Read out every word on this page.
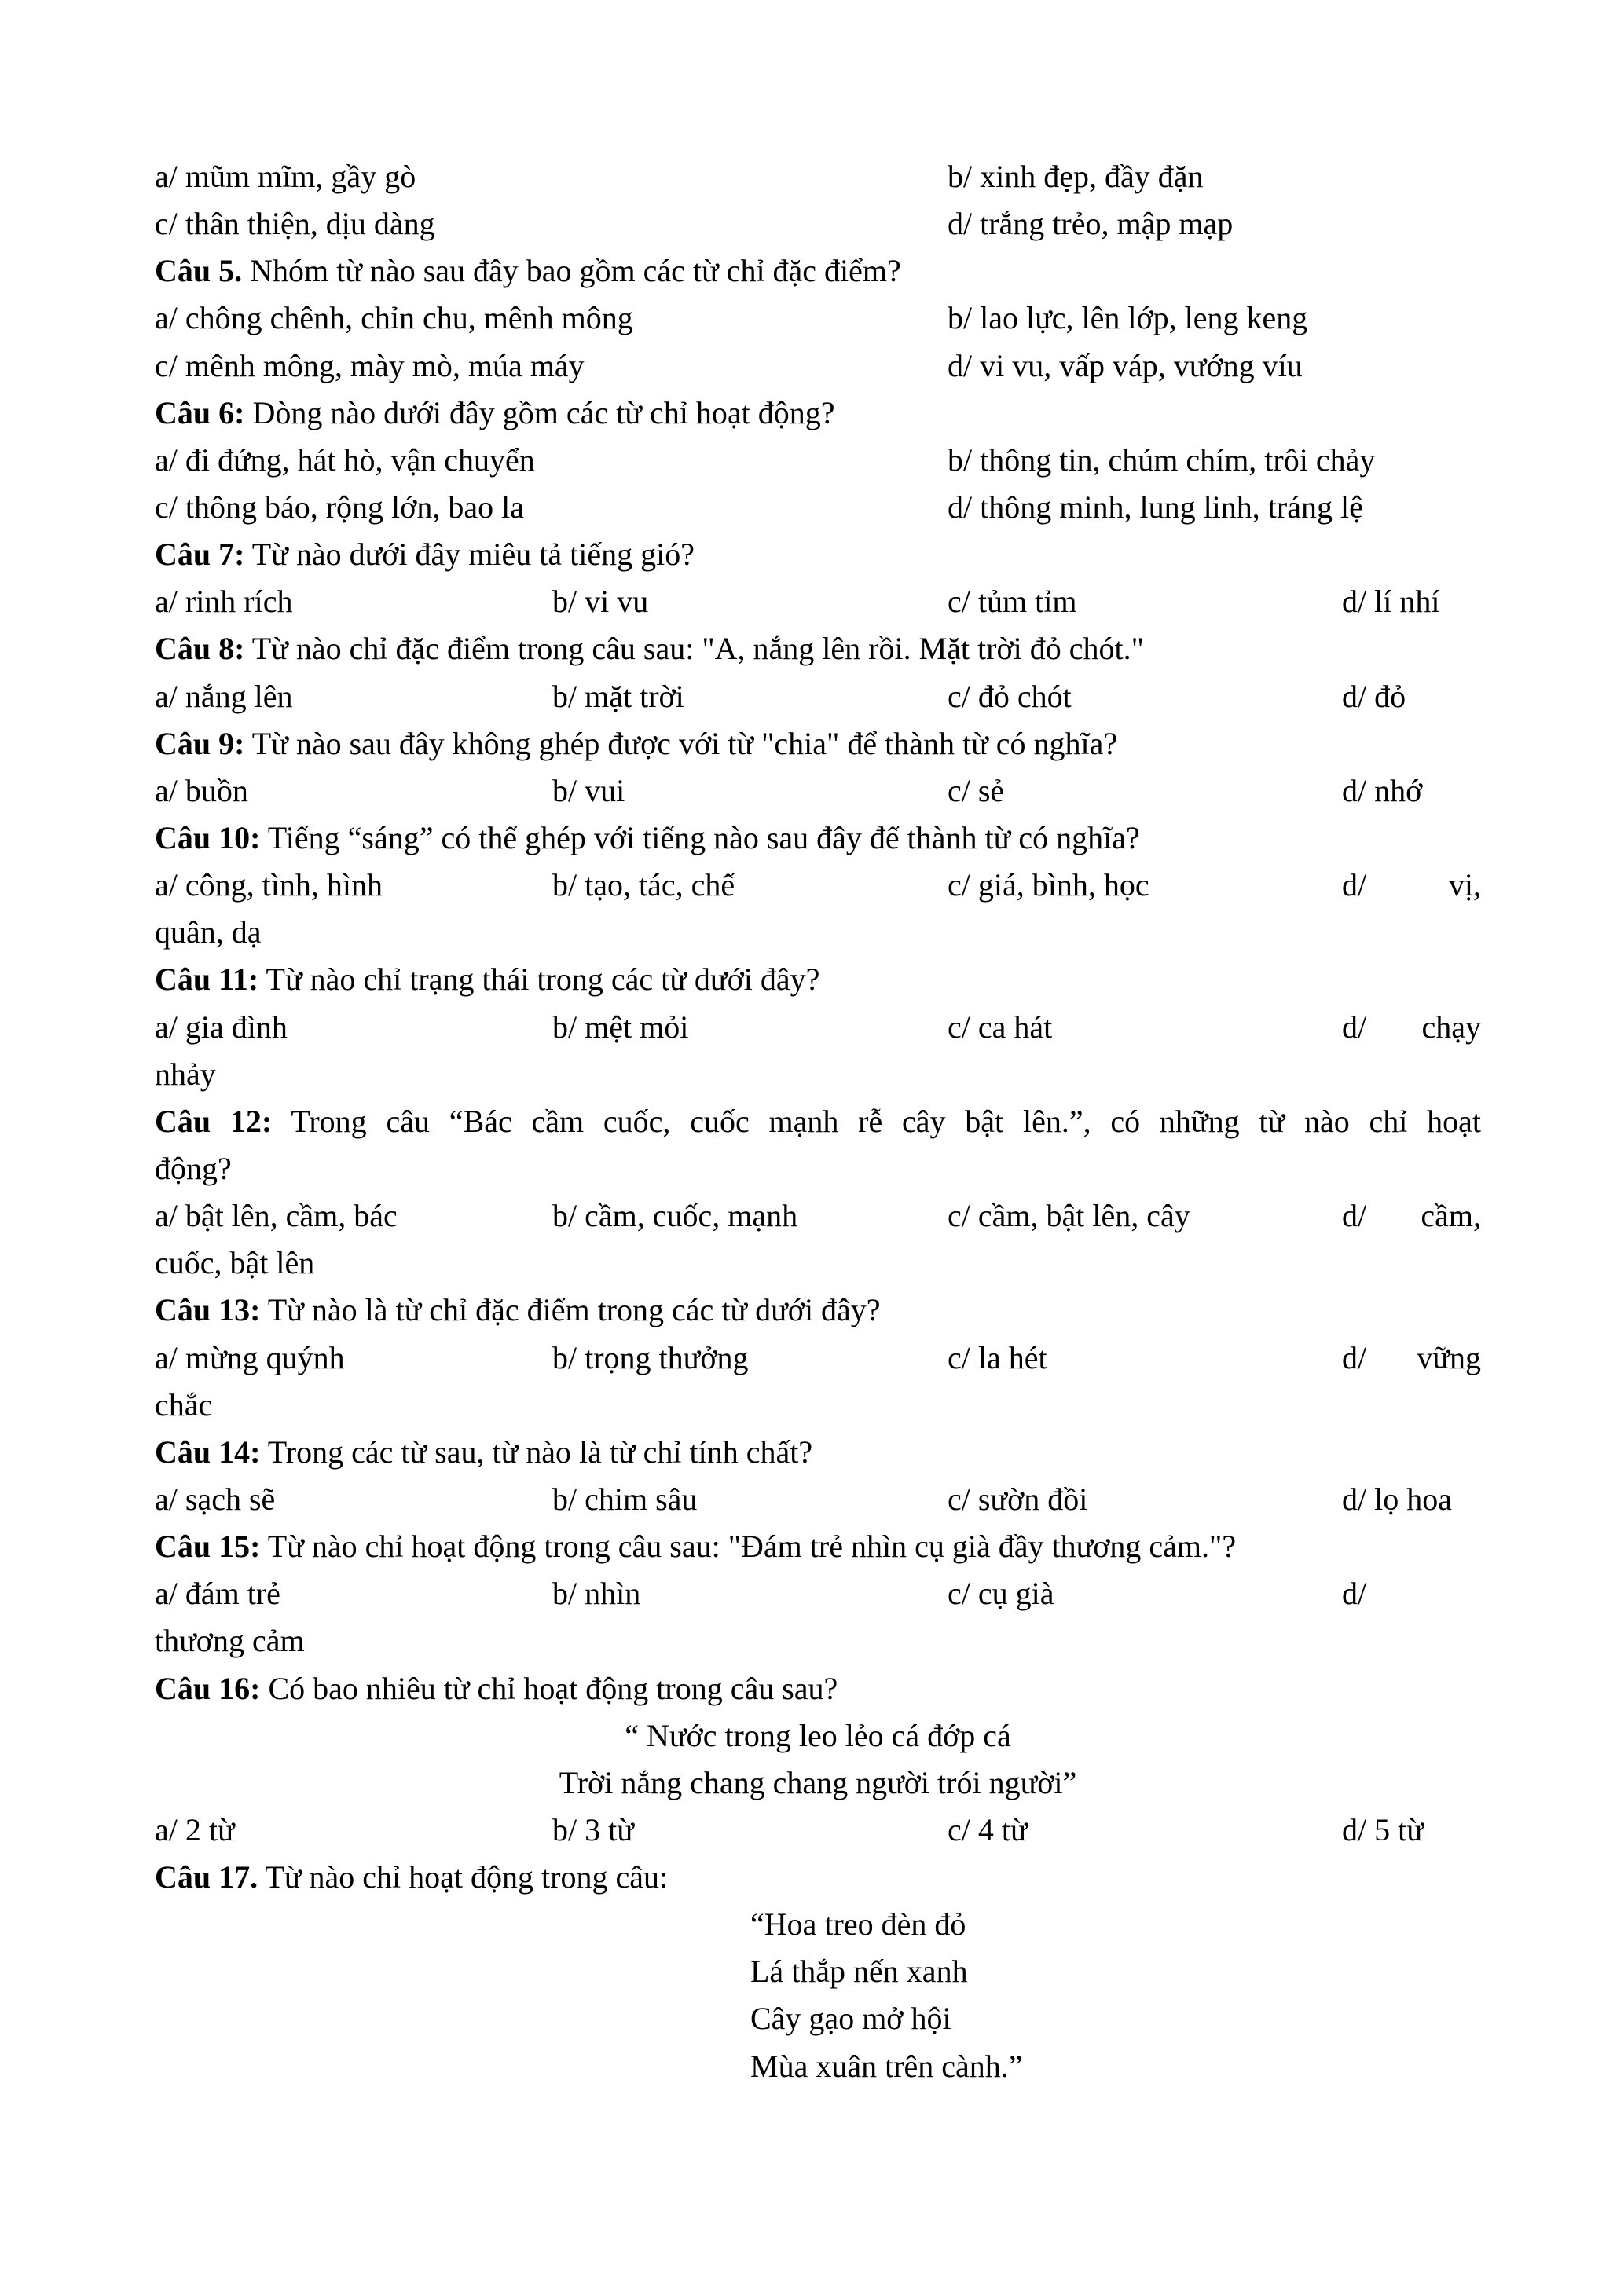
a/ mũm mĩm, gầy gò	b/ xinh đẹp, đầy đặn
c/ thân thiện, dịu dàng	d/ trắng trẻo, mập mạp
Câu 5. Nhóm từ nào sau đây bao gồm các từ chỉ đặc điểm?
a/ chông chênh, chỉn chu, mênh mông	b/ lao lực, lên lớp, leng keng
c/ mênh mông, mày mò, múa máy	d/ vi vu, vấp váp, vướng víu
Câu 6: Dòng nào dưới đây gồm các từ chỉ hoạt động?
a/ đi đứng, hát hò, vận chuyển	b/ thông tin, chúm chím, trôi chảy
c/ thông báo, rộng lớn, bao la	d/ thông minh, lung linh, tráng lệ
Câu 7: Từ nào dưới đây miêu tả tiếng gió?
a/ rinh rích	b/ vi vu	c/ tủm tỉm	d/ lí nhí
Câu 8: Từ nào chỉ đặc điểm trong câu sau: "A, nắng lên rồi. Mặt trời đỏ chót."
a/ nắng lên	b/ mặt trời	c/ đỏ chót	d/ đỏ
Câu 9: Từ nào sau đây không ghép được với từ "chia" để thành từ có nghĩa?
a/ buồn	b/ vui	c/ sẻ	d/ nhớ
Câu 10: Tiếng “sáng” có thể ghép với tiếng nào sau đây để thành từ có nghĩa?
a/ công, tình, hình	b/ tạo, tác, chế	c/ giá, bình, học	d/	vị,
quân, dạ
Câu 11: Từ nào chỉ trạng thái trong các từ dưới đây?
a/ gia đình	b/ mệt mỏi	c/ ca hát	d/ chạy
nhảy
Câu 12: Trong câu “Bác cầm cuốc, cuốc mạnh rễ cây bật lên.”, có những từ nào chỉ hoạt
động?
a/ bật lên, cầm, bác	b/ cầm, cuốc, mạnh	c/ cầm, bật lên, cây	d/ cầm,
cuốc, bật lên
Câu 13: Từ nào là từ chỉ đặc điểm trong các từ dưới đây?
a/ mừng quýnh	b/ trọng thưởng	c/ la hét	d/ vững
chắc
Câu 14: Trong các từ sau, từ nào là từ chỉ tính chất?
a/ sạch sẽ	b/ chim sâu	c/ sườn đồi	d/ lọ hoa
Câu 15: Từ nào chỉ hoạt động trong câu sau: "Đám trẻ nhìn cụ già đầy thương cảm."?
a/ đám trẻ	b/ nhìn	c/ cụ già	d/
thương cảm
Câu 16: Có bao nhiêu từ chỉ hoạt động trong câu sau?
“ Nước trong leo lẻo cá đớp cá
Trời nắng chang chang người trói người”
a/ 2 từ	b/ 3 từ	c/ 4 từ	d/ 5 từ
Câu 17. Từ nào chỉ hoạt động trong câu:
“Hoa treo đèn đỏ
Lá thắp nến xanh
Cây gạo mở hội
Mùa xuân trên cành.”
